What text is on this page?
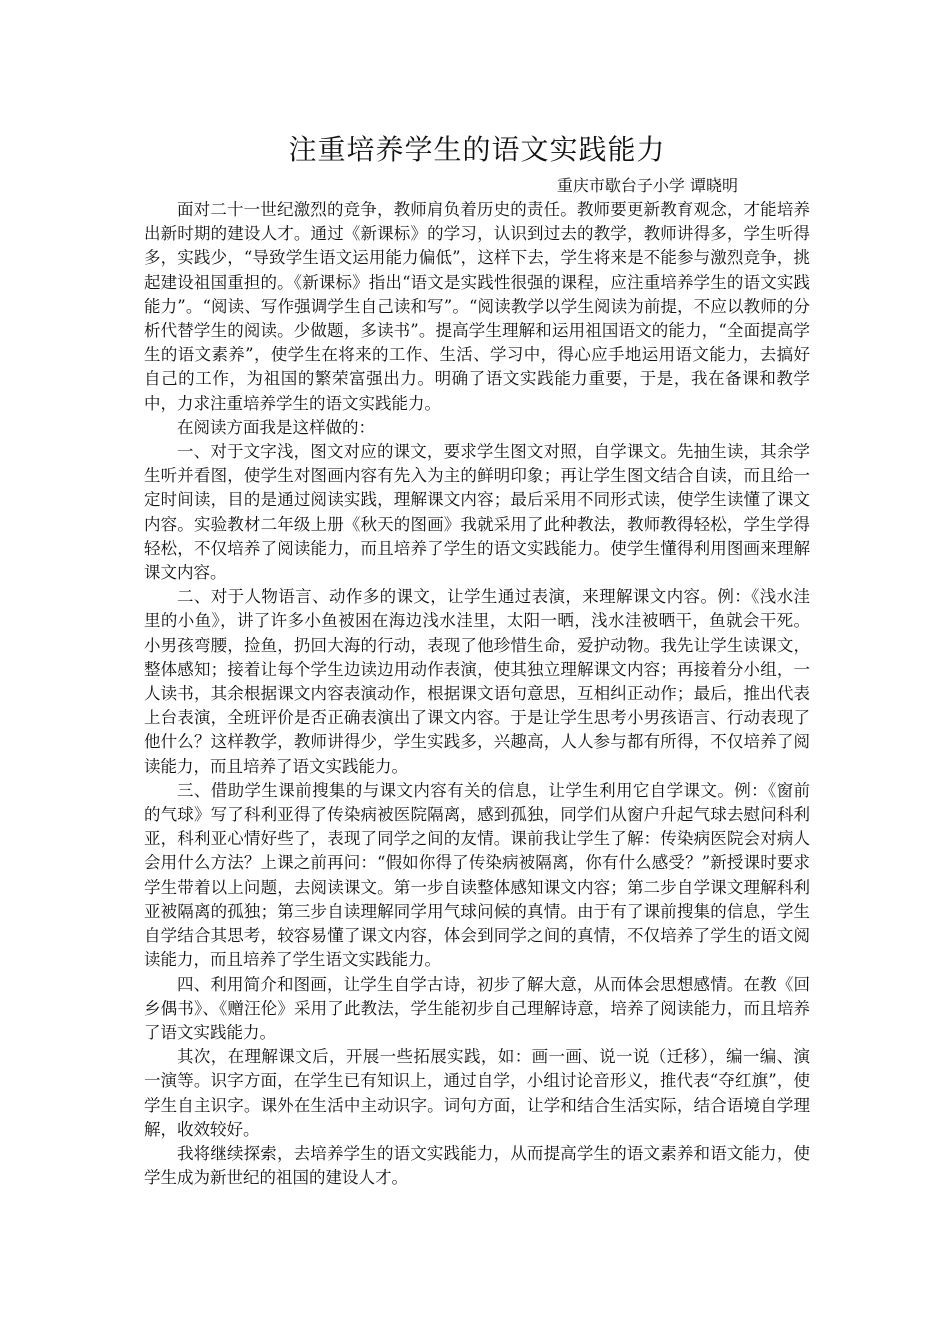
注重培养学生的语文实践能力
重庆市歇台子小学 谭晓明

面对二十一世纪激烈的竞争，教师肩负着历史的责任。教师要更新教育观念，才能培养出新时期的建设人才。通过《新课标》的学习，认识到过去的教学，教师讲得多，学生听得多，实践少，“导致学生语文运用能力偏低”，这样下去，学生将来是不能参与激烈竞争，挑起建设祖国重担的。《新课标》指出“语文是实践性很强的课程，应注重培养学生的语文实践能力”。“阅读、写作强调学生自己读和写”。“阅读教学以学生阅读为前提，不应以教师的分析代替学生的阅读。少做题，多读书”。提高学生理解和运用祖国语文的能力，“全面提高学生的语文素养”，使学生在将来的工作、生活、学习中，得心应手地运用语文能力，去搞好自己的工作，为祖国的繁荣富强出力。明确了语文实践能力重要，于是，我在备课和教学中，力求注重培养学生的语文实践能力。

在阅读方面我是这样做的：

一、对于文字浅，图文对应的课文，要求学生图文对照，自学课文。先抽生读，其余学生听并看图，使学生对图画内容有先入为主的鲜明印象；再让学生图文结合自读，而且给一定时间读，目的是通过阅读实践，理解课文内容；最后采用不同形式读，使学生读懂了课文内容。实验教材二年级上册《秋天的图画》我就采用了此种教法，教师教得轻松，学生学得轻松，不仅培养了阅读能力，而且培养了学生的语文实践能力。使学生懂得利用图画来理解课文内容。

二、对于人物语言、动作多的课文，让学生通过表演，来理解课文内容。例：《浅水洼里的小鱼》，讲了许多小鱼被困在海边浅水洼里，太阳一晒，浅水洼被晒干，鱼就会干死。小男孩弯腰，捡鱼，扔回大海的行动，表现了他珍惜生命，爱护动物。我先让学生读课文，整体感知；接着让每个学生边读边用动作表演，使其独立理解课文内容；再接着分小组，一人读书，其余根据课文内容表演动作，根据课文语句意思，互相纠正动作；最后，推出代表上台表演，全班评价是否正确表演出了课文内容。于是让学生思考小男孩语言、行动表现了他什么？这样教学，教师讲得少，学生实践多，兴趣高，人人参与都有所得，不仅培养了阅读能力，而且培养了语文实践能力。

三、借助学生课前搜集的与课文内容有关的信息，让学生利用它自学课文。例：《窗前的气球》写了科利亚得了传染病被医院隔离，感到孤独，同学们从窗户升起气球去慰问科利亚，科利亚心情好些了，表现了同学之间的友情。课前我让学生了解：传染病医院会对病人会用什么方法？上课之前再问：“假如你得了传染病被隔离，你有什么感受？”新授课时要求学生带着以上问题，去阅读课文。第一步自读整体感知课文内容；第二步自学课文理解科利亚被隔离的孤独；第三步自读理解同学用气球问候的真情。由于有了课前搜集的信息，学生自学结合其思考，较容易懂了课文内容，体会到同学之间的真情，不仅培养了学生的语文阅读能力，而且培养了学生语文实践能力。

四、利用简介和图画，让学生自学古诗，初步了解大意，从而体会思想感情。在教《回乡偶书》、《赠汪伦》采用了此教法，学生能初步自己理解诗意，培养了阅读能力，而且培养了语文实践能力。

其次，在理解课文后，开展一些拓展实践，如：画一画、说一说（迁移），编一编、演一演等。识字方面，在学生已有知识上，通过自学，小组讨论音形义，推代表“夺红旗”，使学生自主识字。课外在生活中主动识字。词句方面，让学和结合生活实际，结合语境自学理解，收效较好。

我将继续探索，去培养学生的语文实践能力，从而提高学生的语文素养和语文能力，使学生成为新世纪的祖国的建设人才。
